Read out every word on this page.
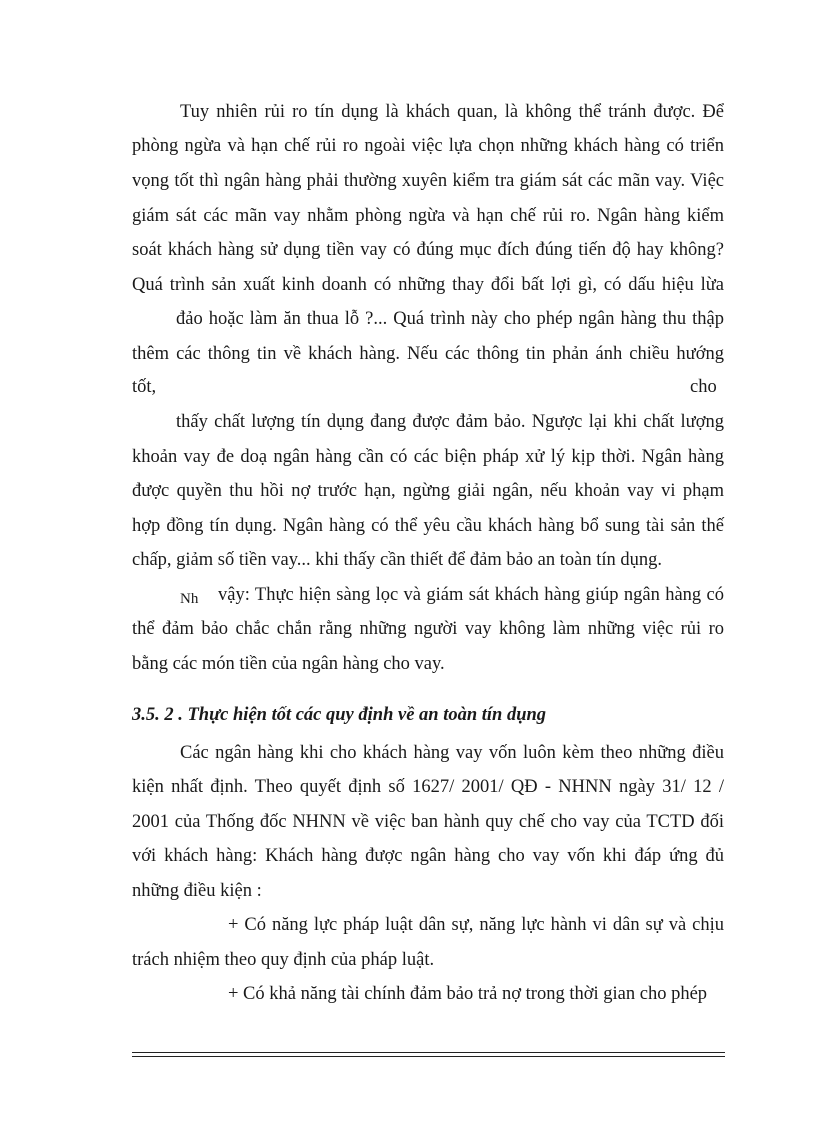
Tuy nhiên rủi ro tín dụng là khách quan, là không thể tránh được. Để
phòng ngừa và hạn chế rủi ro ngoài việc lựa chọn những khách hàng có triển
vọng tốt thì ngân hàng phải thường xuyên kiểm tra giám sát các mãn vay. Việc
giám sát các mãn vay nhằm phòng ngừa và hạn chế rủi ro. Ngân hàng kiểm
soát khách hàng sử dụng tiền vay có đúng mục đích đúng tiến độ hay không?
Quá trình sản xuất kinh doanh có những thay đổi bất lợi gì, có dấu hiệu lừa
đảo hoặc làm ăn thua lỗ ?... Quá trình này cho phép ngân hàng thu thập
thêm các thông tin về khách hàng. Nếu các thông tin phản ánh chiều hướng
tốt,	cho
thấy chất lượng tín dụng đang được đảm bảo. Ngược lại khi chất lượng
khoản vay đe doạ ngân hàng cần có các biện pháp xử lý kịp thời. Ngân hàng
được quyền thu hồi nợ trước hạn, ngừng giải ngân, nếu khoản vay vi phạm
hợp đồng tín dụng. Ngân hàng có thể yêu cầu khách hàng bổ sung tài sản thế
chấp, giảm số tiền vay... khi thấy cần thiết để đảm bảo an toàn tín dụng.
$_{Nh}$	vậy: Thực hiện sàng lọc và giám sát khách hàng giúp ngân hàng có
thể đảm bảo chắc chắn rằng những người vay không làm những việc rủi ro
bằng các món tiền của ngân hàng cho vay.
3.5. 2 . Thực hiện tốt các quy định về an toàn tín dụng
Các ngân hàng khi cho khách hàng vay vốn luôn kèm theo những điều
kiện nhất định. Theo quyết định số 1627/ 2001/ QĐ - NHNN ngày 31/ 12 /
2001 của Thống đốc NHNN về việc ban hành quy chế cho vay của TCTD đối
với khách hàng: Khách hàng được ngân hàng cho vay vốn khi đáp ứng đủ
những điều kiện :
+ Có năng lực pháp luật dân sự, năng lực hành vi dân sự và chịu
trách nhiệm theo quy định của pháp luật.
+ Có khả năng tài chính đảm bảo trả nợ trong thời gian cho phép
